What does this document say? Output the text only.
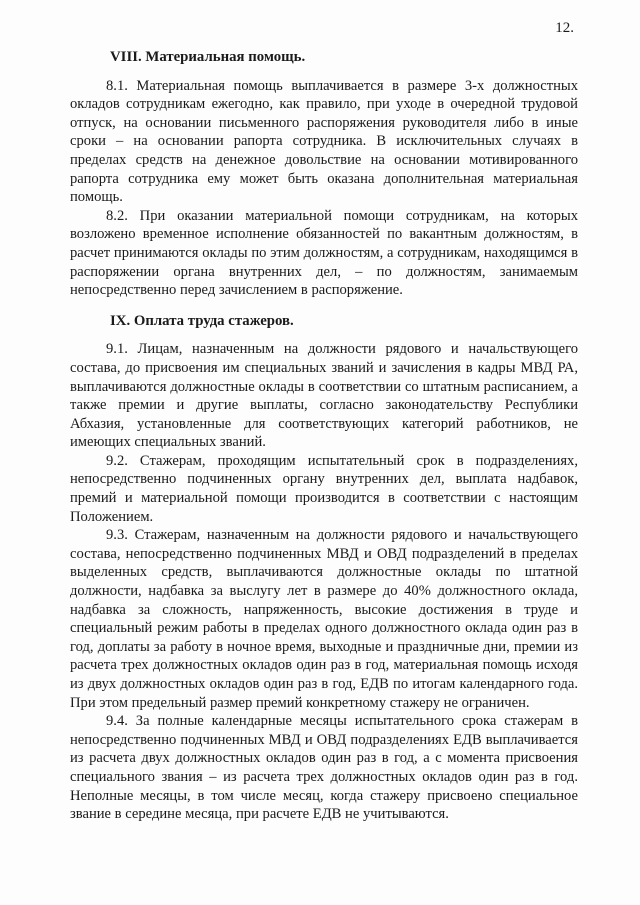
12.
VIII. Материальная помощь.

8.1. Материальная помощь выплачивается в размере 3-х должностных окладов сотрудникам ежегодно, как правило, при уходе в очередной трудовой отпуск, на основании письменного распоряжения руководителя либо в иные сроки – на основании рапорта сотрудника. В исключительных случаях в пределах средств на денежное довольствие на основании мотивированного рапорта сотрудника ему может быть оказана дополнительная материальная помощь.

8.2. При оказании материальной помощи сотрудникам, на которых возложено временное исполнение обязанностей по вакантным должностям, в расчет принимаются оклады по этим должностям, а сотрудникам, находящимся в распоряжении органа внутренних дел, – по должностям, занимаемым непосредственно перед зачислением в распоряжение.

IX. Оплата труда стажеров.

9.1. Лицам, назначенным на должности рядового и начальствующего состава, до присвоения им специальных званий и зачисления в кадры МВД РА, выплачиваются должностные оклады в соответствии со штатным расписанием, а также премии и другие выплаты, согласно законодательству Республики Абхазия, установленные для соответствующих категорий работников, не имеющих специальных званий.

9.2. Стажерам, проходящим испытательный срок в подразделениях, непосредственно подчиненных органу внутренних дел, выплата надбавок, премий и материальной помощи производится в соответствии с настоящим Положением.

9.3. Стажерам, назначенным на должности рядового и начальствующего состава, непосредственно подчиненных МВД и ОВД подразделений в пределах выделенных средств, выплачиваются должностные оклады по штатной должности, надбавка за выслугу лет в размере до 40% должностного оклада, надбавка за сложность, напряженность, высокие достижения в труде и специальный режим работы в пределах одного должностного оклада один раз в год, доплаты за работу в ночное время, выходные и праздничные дни, премии из расчета трех должностных окладов один раз в год, материальная помощь исходя из двух должностных окладов один раз в год, ЕДВ по итогам календарного года. При этом предельный размер премий конкретному стажеру не ограничен.

9.4. За полные календарные месяцы испытательного срока стажерам в непосредственно подчиненных МВД и ОВД подразделениях ЕДВ выплачивается из расчета двух должностных окладов один раз в год, а с момента присвоения специального звания – из расчета трех должностных окладов один раз в год. Неполные месяцы, в том числе месяц, когда стажеру присвоено специальное звание в середине месяца, при расчете ЕДВ не учитываются.
